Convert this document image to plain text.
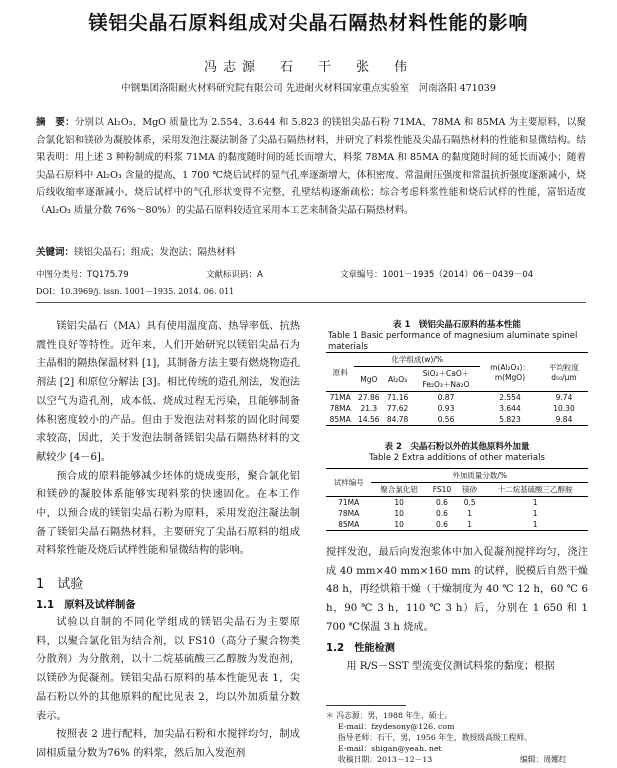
镁铝尖晶石原料组成对尖晶石隔热材料性能的影响
冯志源　石　干　张　伟
中钢集团洛阳耐火材料研究院有限公司 先进耐火材料国家重点实验室　河南洛阳 471039
摘　要：分别以 Al₂O₃、MgO 质量比为 2.554、3.644 和 5.823 的镁铝尖晶石粉 71MA、78MA 和 85MA 为主要原料，以聚合氯化铝和镁砂为凝胶体系，采用发泡注凝法制备了尖晶石隔热材料，并研究了料浆性能及尖晶石隔热材料的性能和显微结构。结果表明：用上述 3 种粉制成的料浆 71MA 的黏度随时间的延长而增大，料浆 78MA 和 85MA 的黏度随时间的延长而减小；随着尖晶石原料中 Al₂O₃ 含量的提高，1 700 ℃烧后试样的显气孔率逐渐增大，体积密度、常温耐压强度和常温抗折强度逐渐减小，烧后线收缩率逐渐减小，烧后试样中的气孔形状变得不完整，孔壁结构逐渐疏松；综合考虑料浆性能和烧后试样的性能，富铝适度（Al₂O₃ 质量分数 76%～80%）的尖晶石原料较适宜采用本工艺来制备尖晶石隔热材料。
关键词：镁铝尖晶石；组成；发泡法；隔热材料
中图分类号：TQ175.79	文献标识码：A	文章编号：1001－1935（2014）06－0439－04
DOI：10.3969/j. issn. 1001－1935. 2014. 06. 011

镁铝尖晶石（MA）具有使用温度高、热导率低、抗热震性良好等特性。近年来，人们开始研究以镁铝尖晶石为主晶相的隔热保温材料 [1]，其制备方法主要有燃烧物造孔剂法 [2] 和原位分解法 [3]。相比传统的造孔剂法，发泡法以空气为造孔剂，成本低、烧成过程无污染，且能够制备体积密度较小的产品。但由于发泡法对料浆的固化时间要求较高，因此，关于发泡法制备镁铝尖晶石隔热材料的文献较少 [4－6]。

预合成的原料能够减少坯体的烧成变形，聚合氯化铝和镁砂的凝胶体系能够实现料浆的快速固化。在本工作中，以预合成的镁铝尖晶石粉为原料，采用发泡注凝法制备了镁铝尖晶石隔热材料，主要研究了尖晶石原料的组成对料浆性能及烧后试样性能和显微结构的影响。

1　试验
1.1　原料及试样制备

试验以自制的不同化学组成的镁铝尖晶石为主要原料，以聚合氯化铝为结合剂，以 FS10（高分子聚合物类分散剂）为分散剂，以十二烷基硫酸三乙醇胺为发泡剂，以镁砂为促凝剂。镁铝尖晶石原料的基本性能见表 1，尖晶石粉以外的其他原料的配比见表 2，均以外加质量分数表示。

按照表 2 进行配料，加尖晶石粉和水搅拌均匀，制成固相质量分数为76% 的料浆，然后加入发泡剂

表 1　镁铝尖晶石原料的基本性能
Table 1 Basic performance of magnesium aluminate spinel materials
原料	化学组成(w)/%			m(Al₂O₃)：m(MgO)	平均粒度 d₅₀/μm
	MgO	Al₂O₃	SiO₂＋CaO＋Fe₂O₃＋Na₂O		
71MA	27.86	71.16	0.87	2.554	9.74
78MA	21.3	77.62	0.93	3.644	10.30
85MA	14.56	84.78	0.56	5.823	9.84
表 2　尖晶石粉以外的其他原料外加量
Table 2 Extra additions of other materials
试样编号	外加质量分数/%			
	聚合氯化铝	FS10	镁砂	十二烷基硫酸三乙醇胺
71MA	10	0.6	0.5	1
78MA	10	0.6	1	1
85MA	10	0.6	1	1

搅拌发泡，最后向发泡浆体中加入促凝剂搅拌均匀，浇注成 40 mm×40 mm×160 mm 的试样，脱模后自然干燥 48 h，再经烘箱干燥（干燥制度为 40 ℃ 12 h，60 ℃ 6 h，90 ℃ 3 h，110 ℃ 3 h）后，分别在 1 650 和 1 700 ℃保温 3 h 烧成。

1.2　性能检测

用 R/S－SST 型流变仪测试料浆的黏度；根据

＊ 冯志源：男，1988 年生，硕士。
E-mail：fzydesony@126. com
指导老师：石干，男，1956 年生，教授级高级工程师。
E-mail：shigan@yeah. net
收稿日期：2013－12－13	编辑：周娜红
